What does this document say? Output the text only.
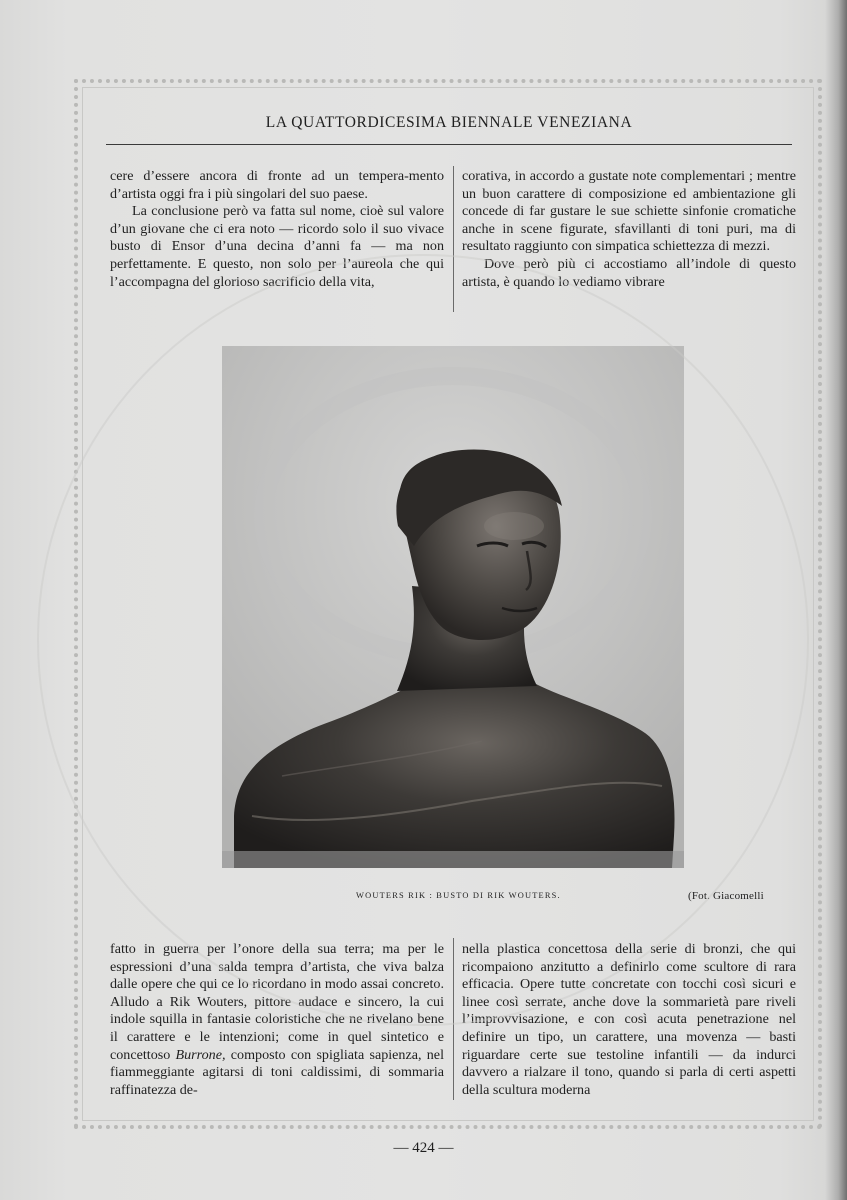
LA QUATTORDICESIMA BIENNALE VENEZIANA

cere d’essere ancora di fronte ad un tempera-mento d’artista oggi fra i più singolari del suo paese.

La conclusione però va fatta sul nome, cioè sul valore d’un giovane che ci era noto — ricordo solo il suo vivace busto di Ensor d’una decina d’anni fa — ma non perfettamente. E questo, non solo per l’aureola che qui l’accompagna del glorioso sacrificio della vita,

corativa, in accordo a gustate note complementari ; mentre un buon carattere di composizione ed ambientazione gli concede di far gustare le sue schiette sinfonie cromatiche anche in scene figurate, sfavillanti di toni puri, ma di resultato raggiunto con simpatica schiettezza di mezzi.

Dove però più ci accostiamo all’indole di questo artista, è quando lo vediamo vibrare

WOUTERS RIK : BUSTO DI RIK WOUTERS.	(Fot. Giacomelli

fatto in guerra per l’onore della sua terra; ma per le espressioni d’una salda tempra d’artista, che viva balza dalle opere che qui ce lo ricordano in modo assai concreto. Alludo a Rik Wouters, pittore audace e sincero, la cui indole squilla in fantasie coloristiche che ne rivelano bene il carattere e le intenzioni; come in quel sintetico e concettoso Burrone, composto con spigliata sapienza, nel fiammeggiante agitarsi di toni caldissimi, di sommaria raffinatezza de-

nella plastica concettosa della serie di bronzi, che qui ricompaiono anzitutto a definirlo come scultore di rara efficacia. Opere tutte concretate con tocchi così sicuri e linee così serrate, anche dove la sommarietà pare riveli l’improvvisazione, e con così acuta penetrazione nel definire un tipo, un carattere, una movenza — basti riguardare certe sue testoline infantili — da indurci davvero a rialzare il tono, quando si parla di certi aspetti della scultura moderna

— 424 —
